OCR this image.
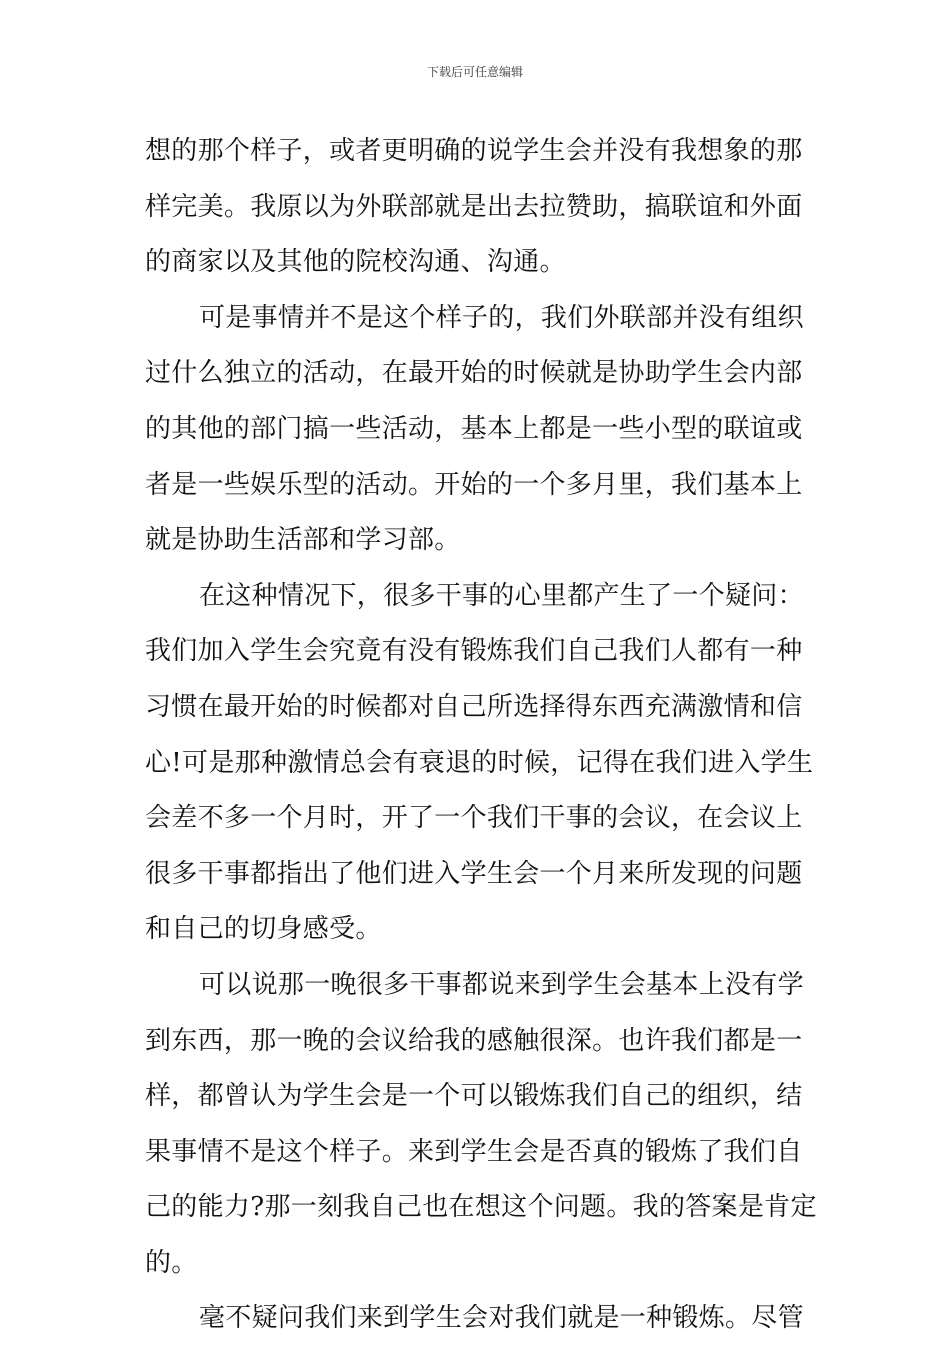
下载后可任意编辑
想的那个样子，或者更明确的说学生会并没有我想象的那
样完美。我原以为外联部就是出去拉赞助，搞联谊和外面
的商家以及其他的院校沟通、沟通。
可是事情并不是这个样子的，我们外联部并没有组织
过什么独立的活动，在最开始的时候就是协助学生会内部
的其他的部门搞一些活动，基本上都是一些小型的联谊或
者是一些娱乐型的活动。开始的一个多月里，我们基本上
就是协助生活部和学习部。
在这种情况下，很多干事的心里都产生了一个疑问：
我们加入学生会究竟有没有锻炼我们自己我们人都有一种
习惯在最开始的时候都对自己所选择得东西充满激情和信
心!可是那种激情总会有衰退的时候，记得在我们进入学生
会差不多一个月时，开了一个我们干事的会议，在会议上
很多干事都指出了他们进入学生会一个月来所发现的问题
和自己的切身感受。
可以说那一晚很多干事都说来到学生会基本上没有学
到东西，那一晚的会议给我的感触很深。也许我们都是一
样，都曾认为学生会是一个可以锻炼我们自己的组织，结
果事情不是这个样子。来到学生会是否真的锻炼了我们自
己的能力?那一刻我自己也在想这个问题。我的答案是肯定
的。
毫不疑问我们来到学生会对我们就是一种锻炼。尽管
